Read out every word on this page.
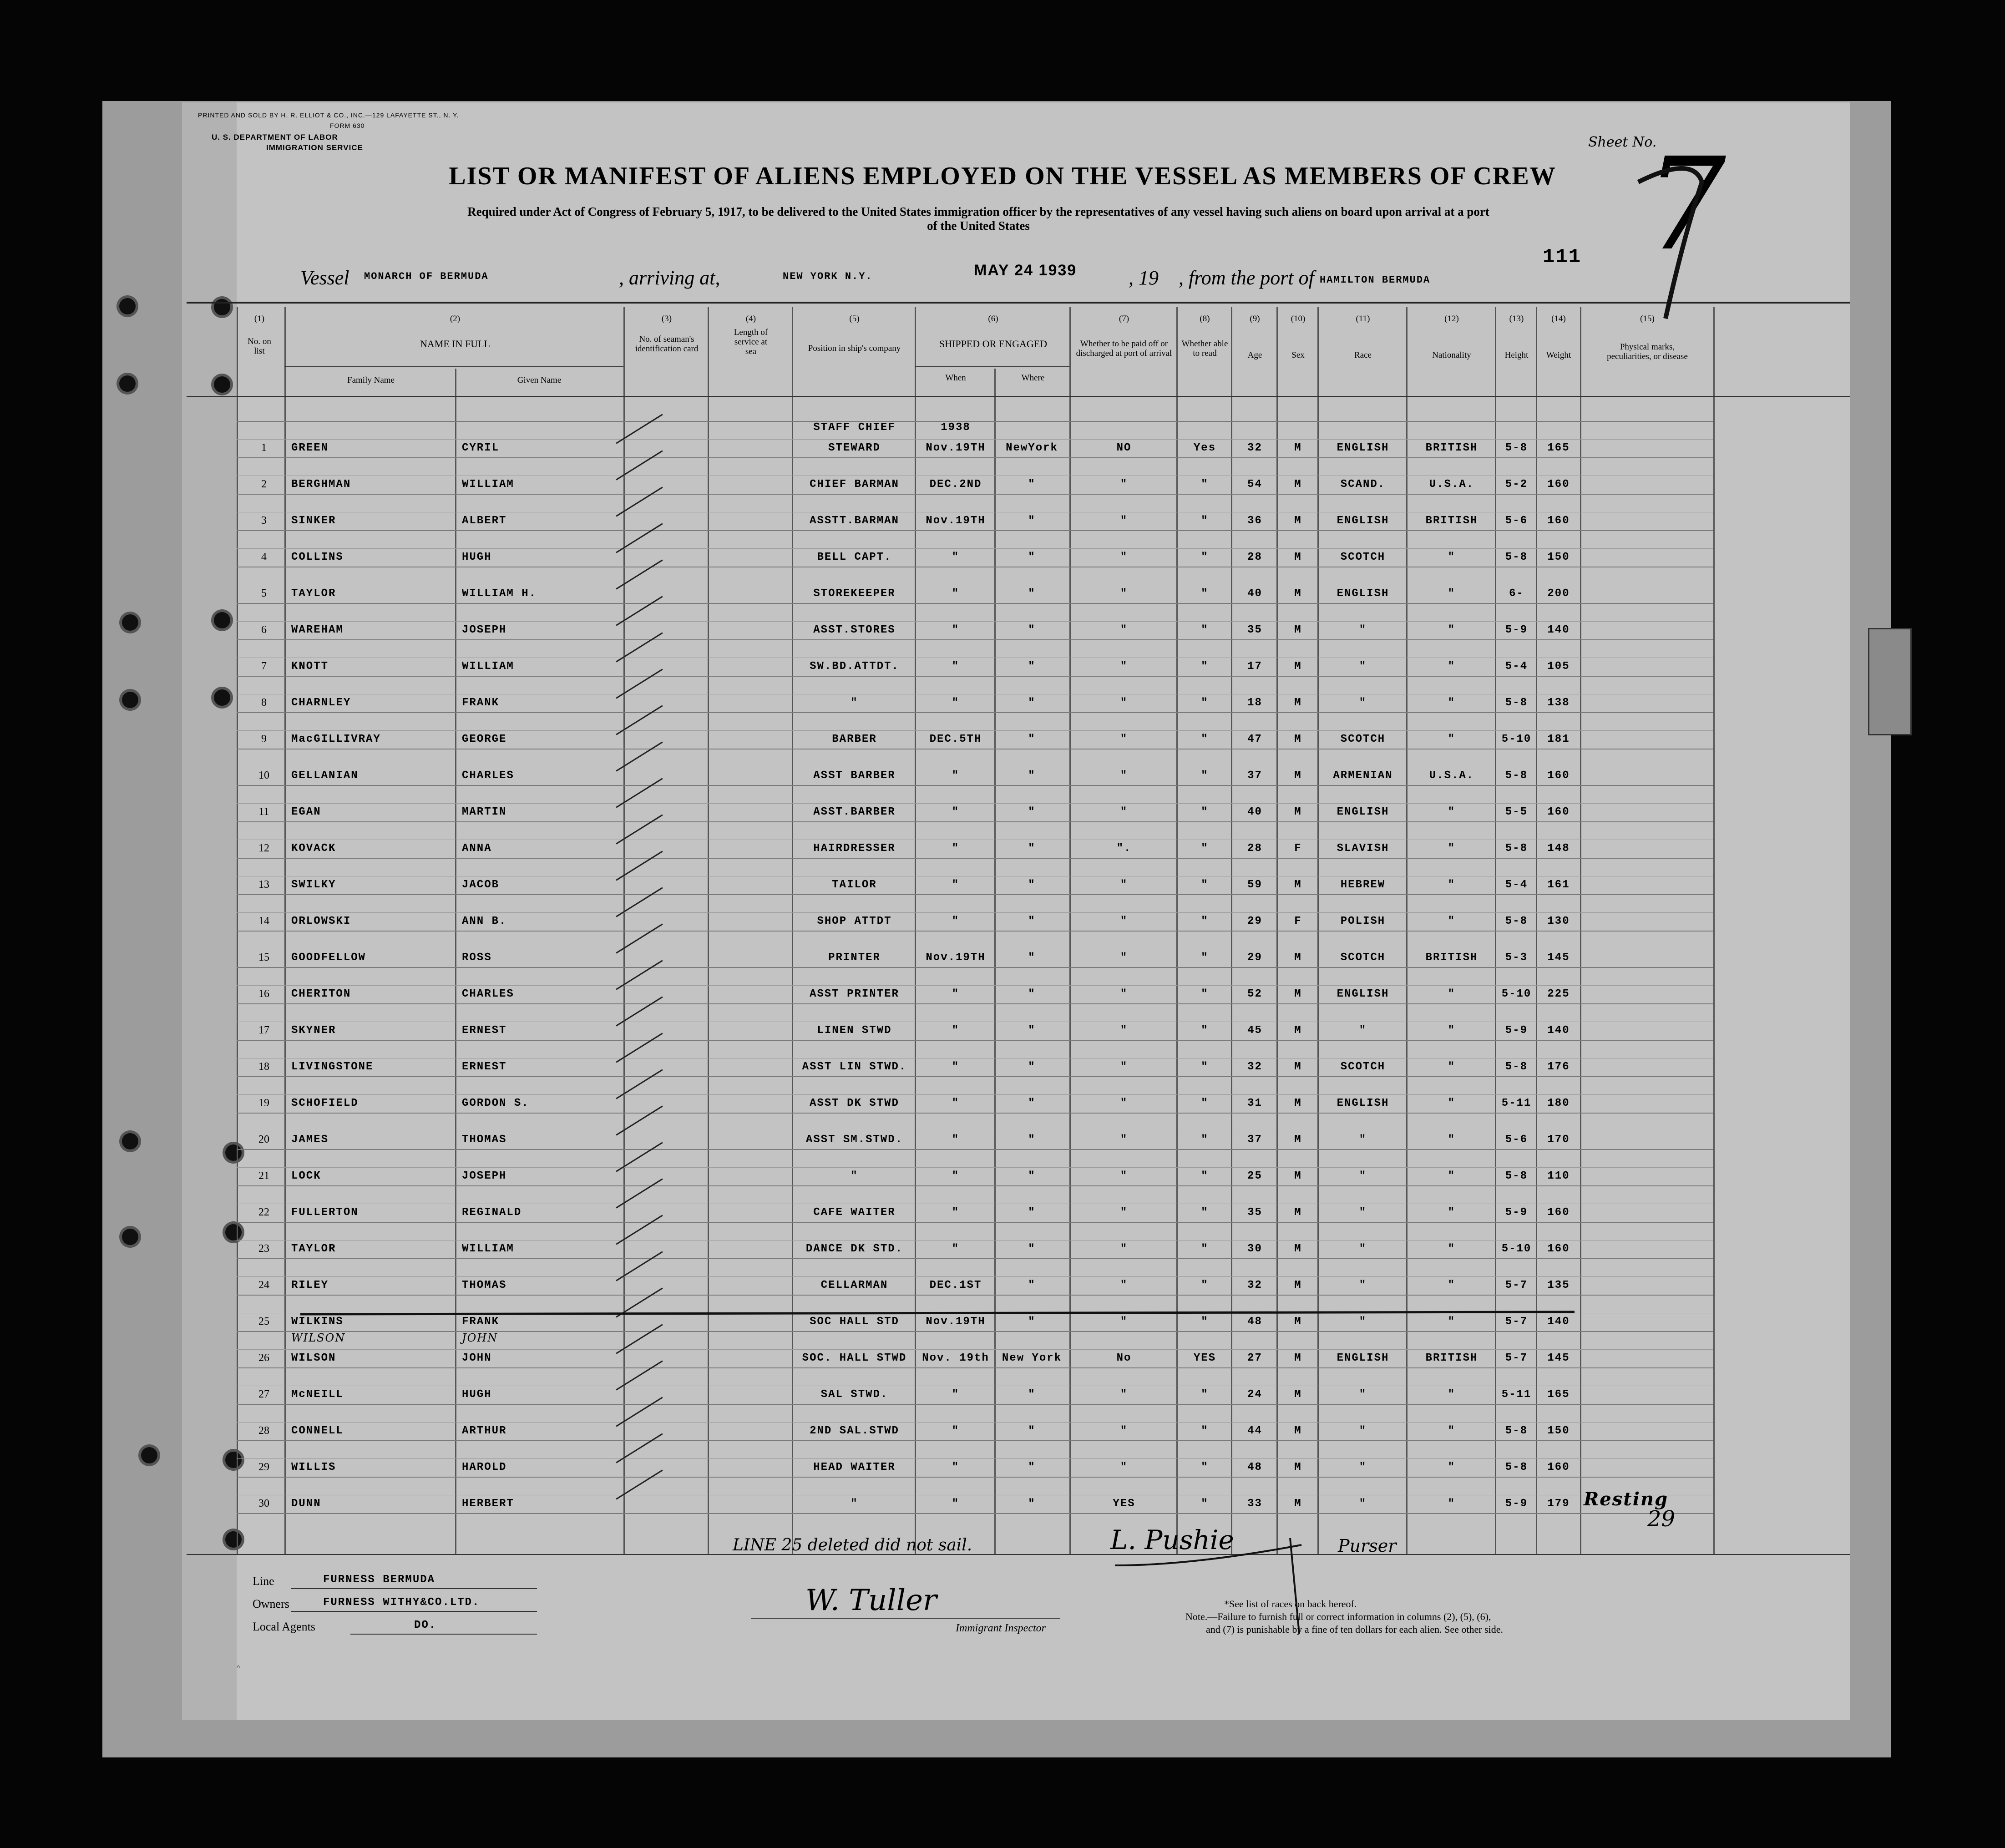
PRINTED AND SOLD BY H. R. ELLIOT & CO., INC.—129 LAFAYETTE ST., N. Y.
FORM 630
U. S. DEPARTMENT OF LABOR
IMMIGRATION SERVICE	Sheet No.
7
LIST OR MANIFEST OF ALIENS EMPLOYED ON THE VESSEL AS MEMBERS OF CREW
Required under Act of Congress of February 5, 1917, to be delivered to the United States immigration officer by the representatives of any vessel having such aliens on board upon arrival at a port
of the United States
Vessel MONARCH OF BERMUDA	, arriving at,	NEW YORK N.Y.	MAY 24 1939	, 19 , from the port of HAMILTON BERMUDA
111
(1)
No. on list
(2)
NAME IN FULL
Family Name	Given Name
(3)
No. of seaman's identification card
(4)
Length of service at sea
(5)
Position in ship's company
(6)
SHIPPED OR ENGAGED
When	Where
(7)
Whether to be paid off or discharged at port of arrival
(8)
Whether able to read
(9)
Age
(10)
Sex
(11)
Race
(12)
Nationality
(13)
Height
(14)
Weight
(15)
Physical marks, peculiarities, or disease
1	GREEN	CYRIL	STEWARD	Nov.19TH	NewYork	NO	Yes	32	M	ENGLISH	BRITISH	5-8	165
STAFF CHIEF	1938
2	BERGHMAN	WILLIAM	CHIEF BARMAN	DEC.2ND	"	"	"	54	M	SCAND.	U.S.A.	5-2	160
3	SINKER	ALBERT	ASSTT.BARMAN	Nov.19TH	"	"	"	36	M	ENGLISH	BRITISH	5-6	160
4	COLLINS	HUGH	BELL CAPT.	"	"	"	"	28	M	SCOTCH	"	5-8	150
5	TAYLOR	WILLIAM H.	STOREKEEPER	"	"	"	"	40	M	ENGLISH	"	6-	200
6	WAREHAM	JOSEPH	ASST.STORES	"	"	"	"	35	M	"	"	5-9	140
7	KNOTT	WILLIAM	SW.BD.ATTDT.	"	"	"	"	17	M	"	"	5-4	105
8	CHARNLEY	FRANK	"	"	"	"	"	18	M	"	"	5-8	138
9	MacGILLIVRAY	GEORGE	BARBER	DEC.5TH	"	"	"	47	M	SCOTCH	"	5-10	181
10	GELLANIAN	CHARLES	ASST BARBER	"	"	"	"	37	M	ARMENIAN	U.S.A.	5-8	160
11	EGAN	MARTIN	ASST.BARBER	"	"	"	"	40	M	ENGLISH	"	5-5	160
12	KOVACK	ANNA	HAIRDRESSER	"	"	".	"	28	F	SLAVISH	"	5-8	148
13	SWILKY	JACOB	TAILOR	"	"	"	"	59	M	HEBREW	"	5-4	161
14	ORLOWSKI	ANN B.	SHOP ATTDT	"	"	"	"	29	F	POLISH	"	5-8	130
15	GOODFELLOW	ROSS	PRINTER	Nov.19TH	"	"	"	29	M	SCOTCH	BRITISH	5-3	145
16	CHERITON	CHARLES	ASST PRINTER	"	"	"	"	52	M	ENGLISH	"	5-10	225
17	SKYNER	ERNEST	LINEN STWD	"	"	"	"	45	M	"	"	5-9	140
18	LIVINGSTONE	ERNEST	ASST LIN STWD.	"	"	"	"	32	M	SCOTCH	"	5-8	176
19	SCHOFIELD	GORDON S.	ASST DK STWD	"	"	"	"	31	M	ENGLISH	"	5-11	180
20	JAMES	THOMAS	ASST SM.STWD.	"	"	"	"	37	M	"	"	5-6	170
21	LOCK	JOSEPH	"	"	"	"	"	25	M	"	"	5-8	110
22	FULLERTON	REGINALD	CAFE WAITER	"	"	"	"	35	M	"	"	5-9	160
23	TAYLOR	WILLIAM	DANCE DK STD.	"	"	"	"	30	M	"	"	5-10	160
24	RILEY	THOMAS	CELLARMAN	DEC.1ST	"	"	"	32	M	"	"	5-7	135
25	WILKINS	FRANK	SOC HALL STD	Nov.19TH	"	"	"	48	M	"	"	5-7	140
26	WILSON	JOHN	SOC. HALL STWD	Nov. 19th	New York	No	YES	27	M	ENGLISH	BRITISH	5-7	145
WILSON	JOHN
27	McNEILL	HUGH	SAL STWD.	"	"	"	"	24	M	"	"	5-11	165
28	CONNELL	ARTHUR	2ND SAL.STWD	"	"	"	"	44	M	"	"	5-8	150
29	WILLIS	HAROLD	HEAD WAITER	"	"	"	"	48	M	"	"	5-8	160
30	DUNN	HERBERT	"	"	"	YES	"	33	M	"	"	5-9	179 Resting
LINE 25 deleted did not sail.	L. Pushie	Purser
29
Line	FURNESS BERMUDA
Owners	FURNESS WITHY&CO.LTD.
Local Agents	DO.
W. Tuller
Immigrant Inspector
*See list of races on back hereof.
Note.—Failure to furnish full or correct information in columns (2), (5), (6),
and (7) is punishable by a fine of ten dollars for each alien. See other side.
⌂
